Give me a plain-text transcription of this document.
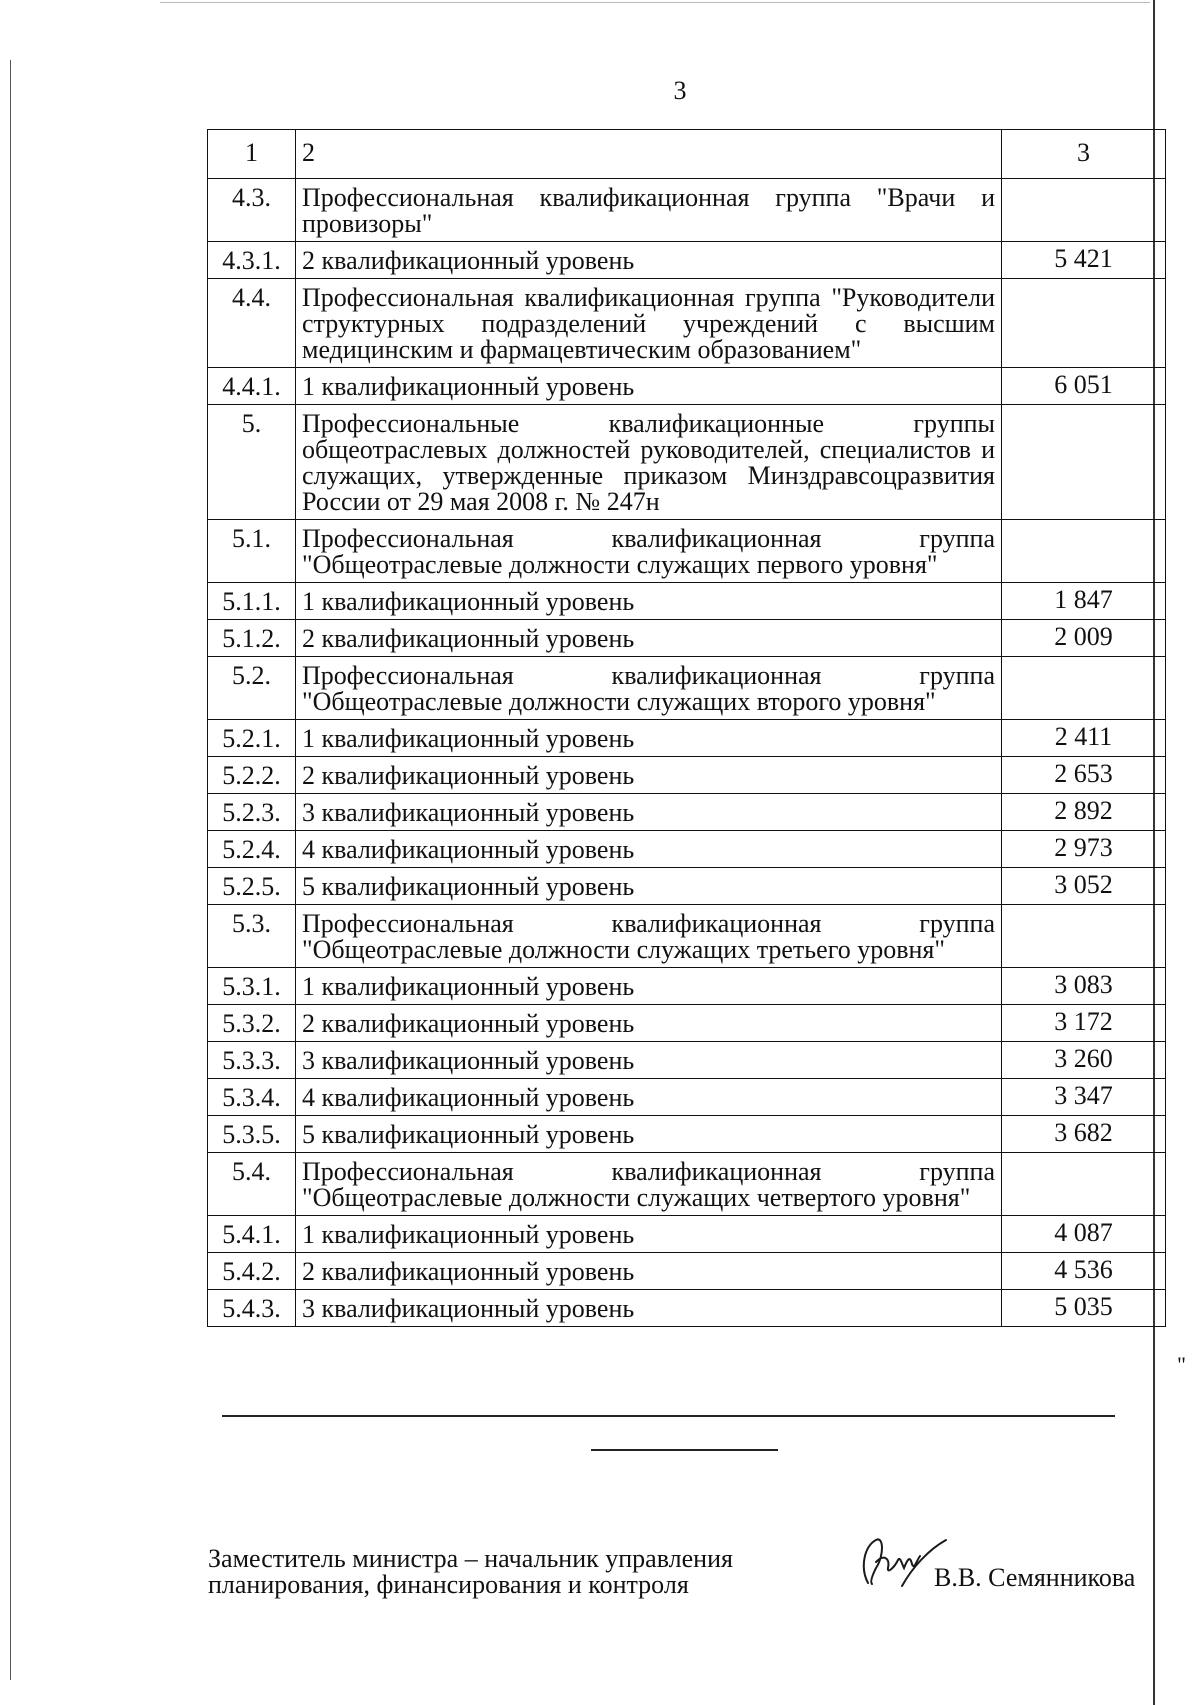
3
1	2	3
4.3.	Профессиональная квалификационная группа "Врачи и провизоры"	
4.3.1.	2 квалификационный уровень	5 421
4.4.	Профессиональная квалификационная группа "Руководители структурных подразделений учреждений с высшим медицинским и фармацевтическим образованием"	
4.4.1.	1 квалификационный уровень	6 051
5.	Профессиональные квалификационные группы общеотраслевых должностей руководителей, специалистов и служащих, утвержденные приказом Минздравсоцразвития России от 29 мая 2008 г. № 247н	
5.1.	Профессиональная квалификационная группа "Общеотраслевые должности служащих первого уровня"	
5.1.1.	1 квалификационный уровень	1 847
5.1.2.	2 квалификационный уровень	2 009
5.2.	Профессиональная квалификационная группа "Общеотраслевые должности служащих второго уровня"	
5.2.1.	1 квалификационный уровень	2 411
5.2.2.	2 квалификационный уровень	2 653
5.2.3.	3 квалификационный уровень	2 892
5.2.4.	4 квалификационный уровень	2 973
5.2.5.	5 квалификационный уровень	3 052
5.3.	Профессиональная квалификационная группа "Общеотраслевые должности служащих третьего уровня"	
5.3.1.	1 квалификационный уровень	3 083
5.3.2.	2 квалификационный уровень	3 172
5.3.3.	3 квалификационный уровень	3 260
5.3.4.	4 квалификационный уровень	3 347
5.3.5.	5 квалификационный уровень	3 682
5.4.	Профессиональная квалификационная группа "Общеотраслевые должности служащих четвертого уровня"	
5.4.1.	1 квалификационный уровень	4 087
5.4.2.	2 квалификационный уровень	4 536
5.4.3.	3 квалификационный уровень	5 035
"
Заместитель министра – начальник управления
планирования, финансирования и контроля	В.В. Семянникова
